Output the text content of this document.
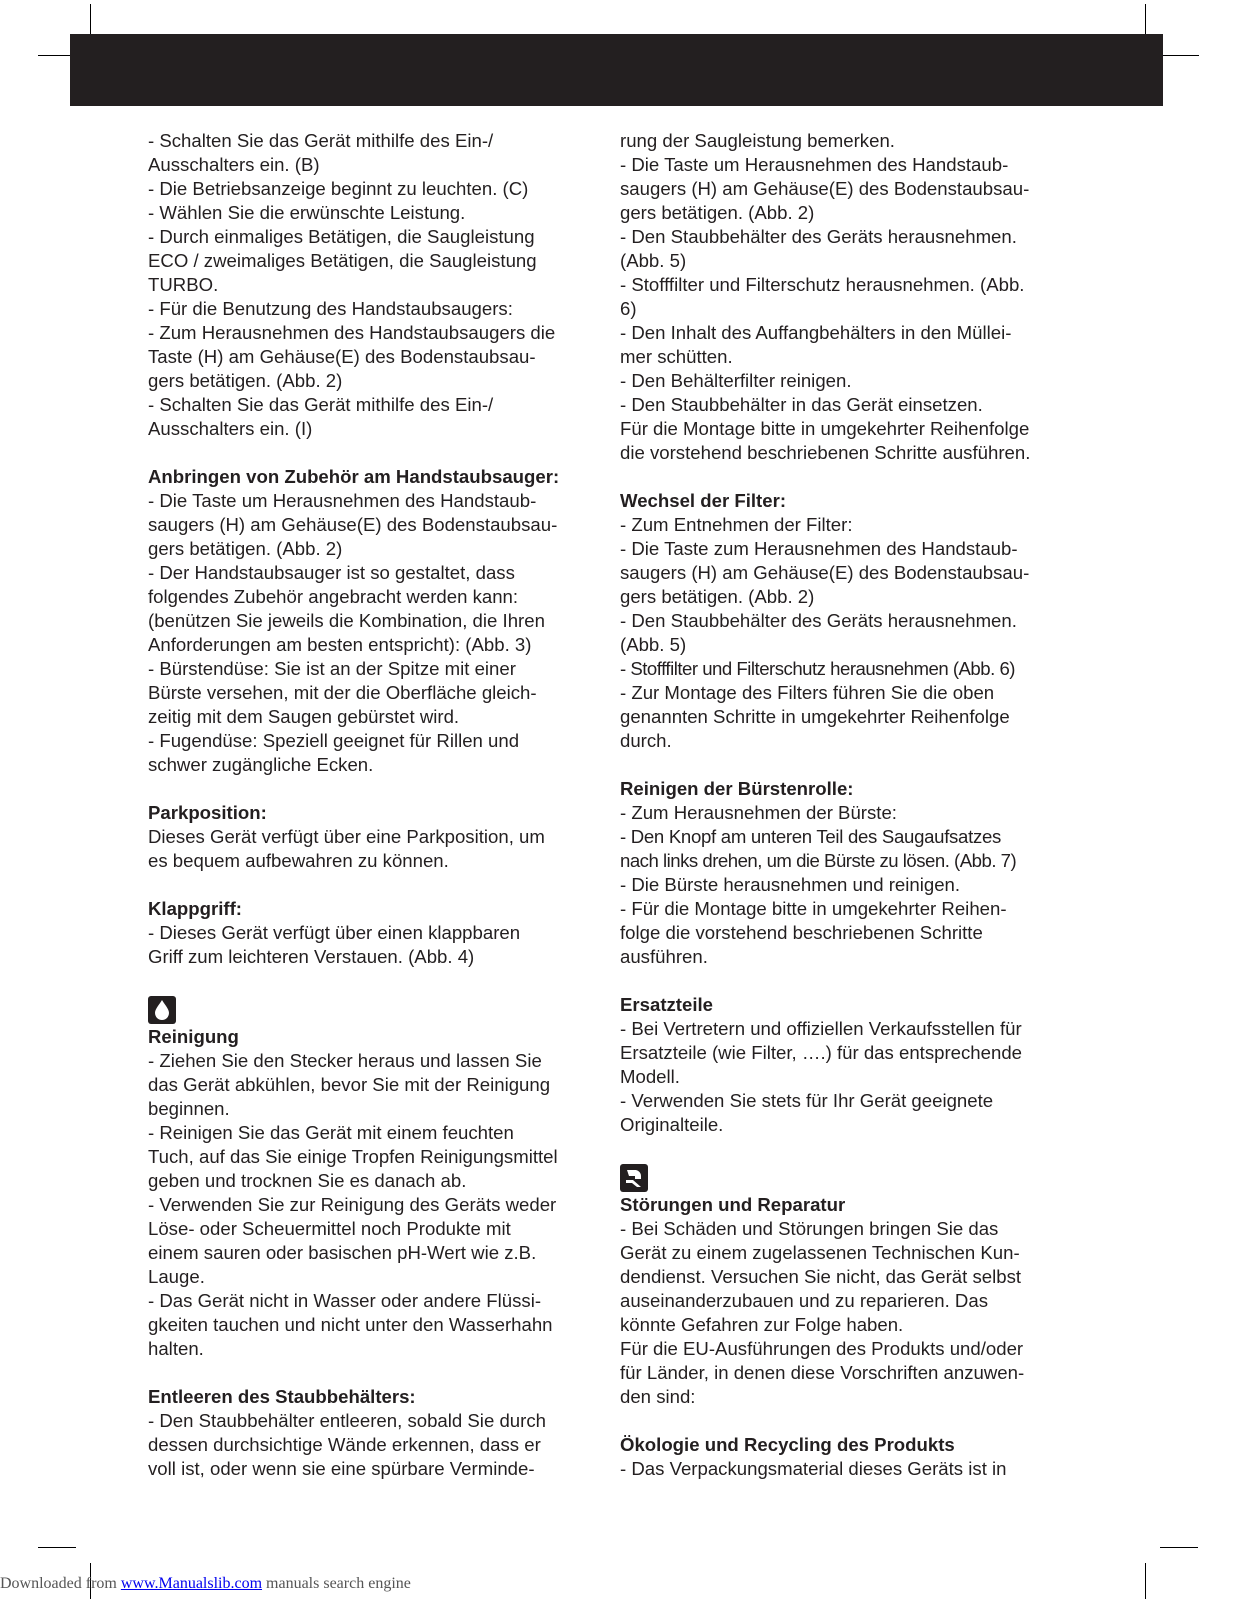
- Schalten Sie das Gerät mithilfe des Ein-/
Ausschalters ein. (B)
- Die Betriebsanzeige beginnt zu leuchten. (C)
- Wählen Sie die erwünschte Leistung.
- Durch einmaliges Betätigen, die Saugleistung
ECO / zweimaliges Betätigen, die Saugleistung
TURBO.
- Für die Benutzung des Handstaubsaugers:
- Zum Herausnehmen des Handstaubsaugers die
Taste (H) am Gehäuse(E) des Bodenstaubsau-
gers betätigen. (Abb. 2)
- Schalten Sie das Gerät mithilfe des Ein-/
Ausschalters ein. (I)
Anbringen von Zubehör am Handstaubsauger:
- Die Taste um Herausnehmen des Handstaub-
saugers (H) am Gehäuse(E) des Bodenstaubsau-
gers betätigen. (Abb. 2)
- Der Handstaubsauger ist so gestaltet, dass
folgendes Zubehör angebracht werden kann:
(benützen Sie jeweils die Kombination, die Ihren
Anforderungen am besten entspricht): (Abb. 3)
- Bürstendüse: Sie ist an der Spitze mit einer
Bürste versehen, mit der die Oberfläche gleich-
zeitig mit dem Saugen gebürstet wird.
- Fugendüse: Speziell geeignet für Rillen und
schwer zugängliche Ecken.
Parkposition:
Dieses Gerät verfügt über eine Parkposition, um
es bequem aufbewahren zu können.
Klappgriff:
- Dieses Gerät verfügt über einen klappbaren
Griff zum leichteren Verstauen. (Abb. 4)
Reinigung
- Ziehen Sie den Stecker heraus und lassen Sie
das Gerät abkühlen, bevor Sie mit der Reinigung
beginnen.
- Reinigen Sie das Gerät mit einem feuchten
Tuch, auf das Sie einige Tropfen Reinigungsmittel
geben und trocknen Sie es danach ab.
- Verwenden Sie zur Reinigung des Geräts weder
Löse- oder Scheuermittel noch Produkte mit
einem sauren oder basischen pH-Wert wie z.B.
Lauge.
- Das Gerät nicht in Wasser oder andere Flüssi-
gkeiten tauchen und nicht unter den Wasserhahn
halten.
Entleeren des Staubbehälters:
- Den Staubbehälter entleeren, sobald Sie durch
dessen durchsichtige Wände erkennen, dass er
voll ist, oder wenn sie eine spürbare Verminde-
rung der Saugleistung bemerken.
- Die Taste um Herausnehmen des Handstaub-
saugers (H) am Gehäuse(E) des Bodenstaubsau-
gers betätigen. (Abb. 2)
- Den Staubbehälter des Geräts herausnehmen.
(Abb. 5)
- Stofffilter und Filterschutz herausnehmen. (Abb.
6)
- Den Inhalt des Auffangbehälters in den Müllei-
mer schütten.
- Den Behälterfilter reinigen.
- Den Staubbehälter in das Gerät einsetzen.
Für die Montage bitte in umgekehrter Reihenfolge
die vorstehend beschriebenen Schritte ausführen.
Wechsel der Filter:
- Zum Entnehmen der Filter:
- Die Taste zum Herausnehmen des Handstaub-
saugers (H) am Gehäuse(E) des Bodenstaubsau-
gers betätigen. (Abb. 2)
- Den Staubbehälter des Geräts herausnehmen.
(Abb. 5)
- Stofffilter und Filterschutz herausnehmen (Abb. 6)
- Zur Montage des Filters führen Sie die oben
genannten Schritte in umgekehrter Reihenfolge
durch.
Reinigen der Bürstenrolle:
- Zum Herausnehmen der Bürste:
- Den Knopf am unteren Teil des Saugaufsatzes
nach links drehen, um die Bürste zu lösen. (Abb. 7)
- Die Bürste herausnehmen und reinigen.
- Für die Montage bitte in umgekehrter Reihen-
folge die vorstehend beschriebenen Schritte
ausführen.
Ersatzteile
- Bei Vertretern und offiziellen Verkaufsstellen für
Ersatzteile (wie Filter, ….) für das entsprechende
Modell.
- Verwenden Sie stets für Ihr Gerät geeignete
Originalteile.
Störungen und Reparatur
- Bei Schäden und Störungen bringen Sie das
Gerät zu einem zugelassenen Technischen Kun-
dendienst. Versuchen Sie nicht, das Gerät selbst
auseinanderzubauen und zu reparieren. Das
könnte Gefahren zur Folge haben.
Für die EU-Ausführungen des Produkts und/oder
für Länder, in denen diese Vorschriften anzuwen-
den sind:
Ökologie und Recycling des Produkts
- Das Verpackungsmaterial dieses Geräts ist in
Downloaded from www.Manualslib.com manuals search engine
